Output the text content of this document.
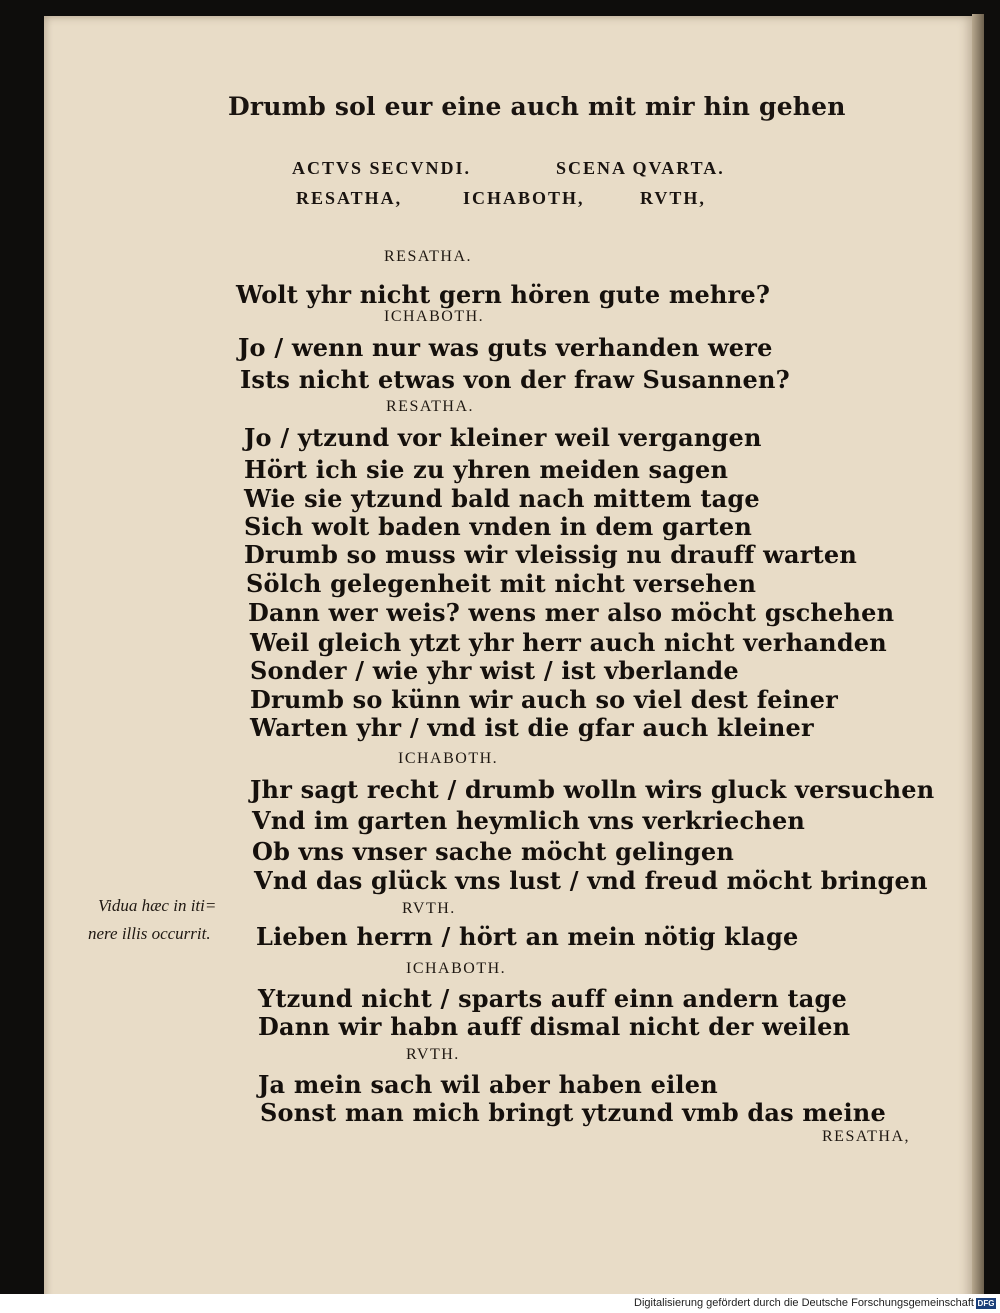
Drumb sol eur eine auch mit mir hin gehen
ACTVS SECVNDI.	SCENA QVARTA.
RESATHA,	ICHABOTH,	RVTH,
RESATHA.
Wolt yhr nicht gern hören gute mehre?
ICHABOTH.
Jo / wenn nur was guts verhanden were
Ists nicht etwas von der fraw Susannen?
RESATHA.
Jo / ytzund vor kleiner weil vergangen
Hört ich sie zu yhren meiden sagen
Wie sie ytzund bald nach mittem tage
Sich wolt baden vnden in dem garten
Drumb so muss wir vleissig nu drauff warten
Sölch gelegenheit mit nicht versehen
Dann wer weis? wens mer also möcht gschehen
Weil gleich ytzt yhr herr auch nicht verhanden
Sonder / wie yhr wist / ist vberlande
Drumb so künn wir auch so viel dest feiner
Warten yhr / vnd ist die gfar auch kleiner
ICHABOTH.
Jhr sagt recht / drumb wolln wirs gluck versuchen
Vnd im garten heymlich vns verkriechen
Ob vns vnser sache möcht gelingen
Vnd das glück vns lust / vnd freud möcht bringen
RVTH.
Lieben herrn / hört an mein nötig klage
ICHABOTH.
Ytzund nicht / sparts auff einn andern tage
Dann wir habn auff dismal nicht der weilen
RVTH.
Ja mein sach wil aber haben eilen
Sonst man mich bringt ytzund vmb das meine
Vidua hæc in iti=
nere illis occurrit.
RESATHA,
Digitalisierung gefördert durch die Deutsche Forschungsgemeinschaft DFG
